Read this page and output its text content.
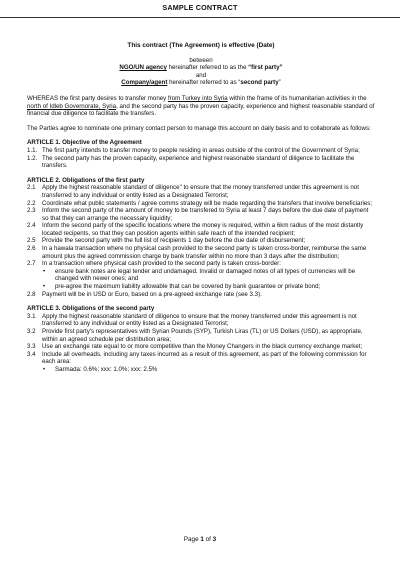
SAMPLE CONTRACT
This contract (The Agreement) is effective (Date)

between

NGO/UN agency hereinafter referred to as the “first party”

and

Company/agent hereinafter referred to as “second party”

WHEREAS the first party desires to transfer money from Turkey into Syria within the frame of its humanitarian activities in the north of Idleb Governorate, Syria, and the second party has the proven capacity, experience and highest reasonable standard of financial due diligence to facilitate the transfers.

The Parties agree to nominate one primary contact person to manage this account on daily basis and to collaborate as follows:

ARTICLE 1. Objective of the Agreement

1.1. The first party intends to transfer money to people residing in areas outside of the control of the Government of Syria;
1.2. The second party has the proven capacity, experience and highest reasonable standard of diligence to facilitate the transfers.

ARTICLE 2. Obligations of the first party

2.1	Apply the highest reasonable standard of diligence" to ensure that the money transferred under this agreement is not transferred to any individual or entity listed as a Designated Terrorist;
2.2	Coordinate what public statements / agree comms strategy will be made regarding the transfers that involve beneficiaries;
2.3	Inform the second party of the amount of money to be transfered to Syria at least 7 days before the due date of payment so that they can arrange the necessary liquidity;
2.4	Inform the second party of the specific locations where the money is required, within a 6km radius of the most distantly located recipents, so that they can position agents within safe reach of the intended recipient;
2.5	Provide the second party with the full list of recipients 1 day before the due date of disbursement;
2.6	In a hawala transaction where no physical cash provided to the second party is taken cross-border, reimburse the same amount plus the agreed commission charge by bank transfer within no more than 3 days after the distribution;
2.7	In a transaction where physical cash provided to the second party is taken cross-border:
•	ensure bank notes are legal tender and undamaged. Invalid or damaged notes of all types of currencies will be changed with newer ones; and
•	pre-agree the maximum liability allowable that can be covered by bank guarantee or private bond;
2.8	Payment will be in USD or Euro, based on a pre-agreed exchange rate (see 3.3).

ARTICLE 3. Obligations of the second party

3.1	Apply the highest reasonable standard of diligence to ensure that the money transferred under this agreement is not transferred to any individual or entity listed as a Designated Terrorist;
3.2	Provide first party's representatives with Syrian Pounds (SYP), Turkish Liras (TL) or US Dollars (USD), as appropriate, within an agreed schedule per distribution area;
3.3	Use an exchange rate equal to or more competitive than the Money Changers in the black currency exchange market;
3.4	Include all overheads, including any taxes incurred as a result of this agreement, as part of the following commission for each area:
•	Sarmada: 0.6%; xxx: 1.0%; xxx: 2.5%
Page 1 of 3
